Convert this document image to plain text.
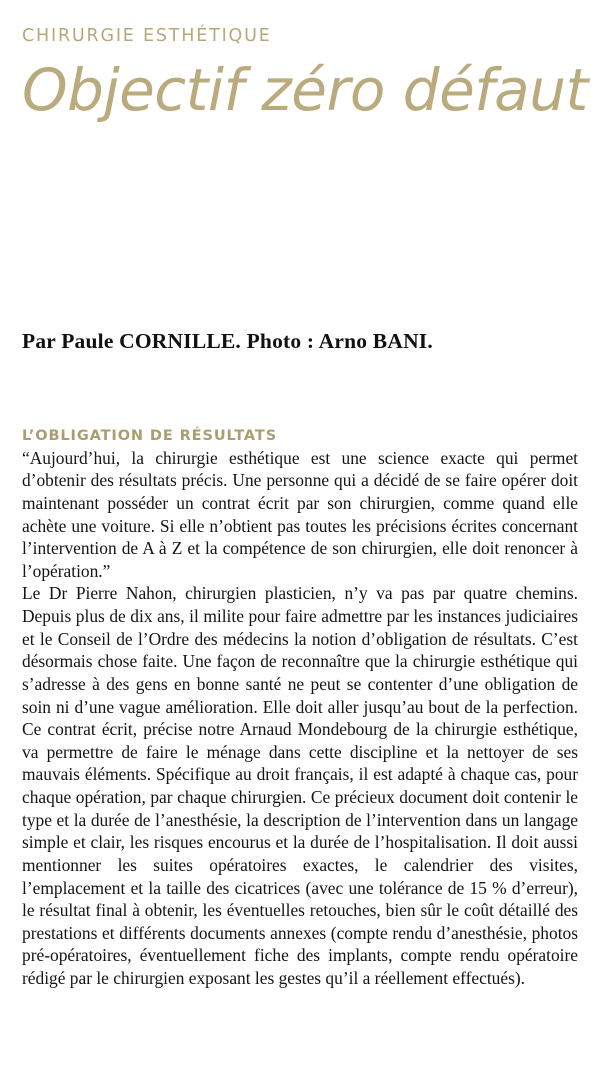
CHIRURGIE ESTHÉTIQUE
Objectif zéro défaut
Par Paule CORNILLE. Photo : Arno BANI.
L’OBLIGATION DE RÉSULTATS

“Aujourd’hui, la chirurgie esthétique est une science exacte qui permet d’obtenir des résultats précis. Une personne qui a décidé de se faire opérer doit maintenant posséder un contrat écrit par son chirurgien, comme quand elle achète une voiture. Si elle n’obtient pas toutes les précisions écrites concernant l’intervention de A à Z et la compétence de son chirurgien, elle doit renoncer à l’opération.”

Le Dr Pierre Nahon, chirurgien plasticien, n’y va pas par quatre chemins. Depuis plus de dix ans, il milite pour faire admettre par les instances judiciaires et le Conseil de l’Ordre des médecins la notion d’obligation de résultats. C’est désormais chose faite. Une façon de reconnaître que la chirurgie esthétique qui s’adresse à des gens en bonne santé ne peut se contenter d’une obligation de soin ni d’une vague amélioration. Elle doit aller jusqu’au bout de la perfection. Ce contrat écrit, précise notre Arnaud Mondebourg de la chirurgie esthétique, va permettre de faire le ménage dans cette discipline et la nettoyer de ses mauvais éléments. Spécifique au droit français, il est adapté à chaque cas, pour chaque opération, par chaque chirurgien. Ce précieux document doit contenir le type et la durée de l’anesthésie, la description de l’intervention dans un langage simple et clair, les risques encourus et la durée de l’hospitalisation. Il doit aussi mentionner les suites opératoires exactes, le calendrier des visites, l’emplacement et la taille des cicatrices (avec une tolérance de 15 % d’erreur), le résultat final à obtenir, les éventuelles retouches, bien sûr le coût détaillé des prestations et différents documents annexes (compte rendu d’anesthésie, photos pré-opératoires, éventuellement fiche des implants, compte rendu opératoire rédigé par le chirurgien exposant les gestes qu’il a réellement effectués).
